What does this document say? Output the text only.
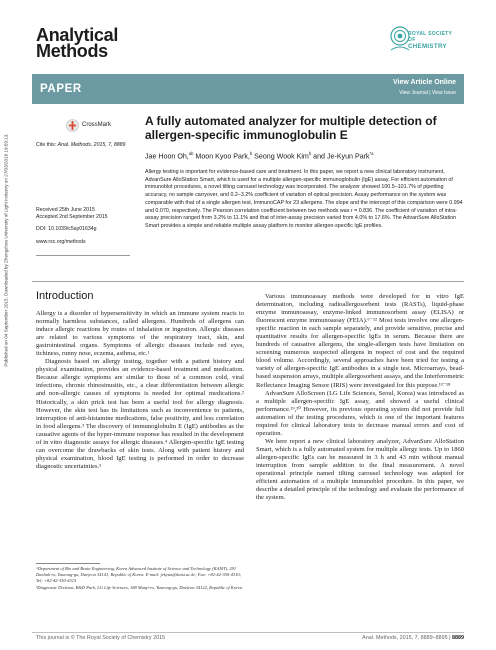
Published on 04 September 2015. Downloaded by Zhengzhou University of Light Industry on 27/03/2016 19:59:13.
Analytical
Methods
ROYAL SOCIETY
OF
CHEMISTRY
PAPER
View Article Online
View Journal | View Issue
CrossMark
Cite this: Anal. Methods, 2015, 7, 8889
Received 25th June 2015
Accepted 2nd September 2015
DOI: 10.1039/c5ay01634g
www.rsc.org/methods
A fully automated analyzer for multiple detection of allergen-specific immunoglobulin E
Jae Hoon Oh,$^{ab}$ Moon Kyoo Park,$^b$ Seong Wook Kim$^b$ and Je-Kyun Park$^{*a}$

Allergy testing is important for evidence-based care and treatment. In this paper, we report a new clinical laboratory instrument, AdvanSure AlloStation Smart, which is used for a multiple allergen-specific immunoglobulin (IgE) assay. For efficient automation of immunoblot procedures, a novel tilting carousel technology was incorporated. The analyzer showed 100.5–101.7% of pipetting accuracy, no sample carryover, and 0.2–3.2% coefficient of variation of optical precision. Assay performance on the system was comparable with that of a single allergen test, ImmunoCAP for 23 allergens. The slope and the intercept of this comparison were 0.994 and 0.070, respectively. The Pearson correlation coefficient between two methods was r = 0.836. The coefficient of variation of intra-assay precision ranged from 3.2% to 11.1% and that of inter-assay precision varied from 4.0% to 17.6%. The AdvanSure AlloStation Smart provides a simple and reliable multiple assay platform to monitor allergen-specific IgE profiles.

Introduction

Allergy is a disorder of hypersensitivity in which an immune system reacts to normally harmless substances, called allergens. Hundreds of allergens can induce allergic reactions by routes of inhalation or ingestion. Allergic diseases are related to various symptoms of the respiratory tract, skin, and gastrointestinal organs. Symptoms of allergic diseases include red eyes, itchiness, runny nose, eczema, asthma, etc.¹

Diagnosis based on allergy testing, together with a patient history and physical examination, provides an evidence-based treatment and medication. Because allergic symptoms are similar to those of a common cold, viral infections, chronic rhinosinusitis, etc., a clear differentiation between allergic and non-allergic causes of symptoms is needed for optimal medications.² Historically, a skin prick test has been a useful tool for allergy diagnosis. However, the skin test has its limitations such as inconvenience to patients, interruption of anti-histamine medications, false positivity, and less correlation in food allergens.³ The discovery of immunoglobulin E (IgE) antibodies as the causative agents of the hyper-immune response has resulted in the development of in vitro diagnostic assays for allergic diseases.⁴ Allergen-specific IgE testing can overcome the drawbacks of skin tests. Along with patient history and physical examination, blood IgE testing is performed in order to decrease diagnostic uncertainties.⁵

Various immunoassay methods were developed for in vitro IgE determination, including radioallergosorbent tests (RASTs), liquid-phase enzyme immunoassay, enzyme-linked immunosorbent assay (ELISA) or fluorescent enzyme immunoassay (FEIA).⁶⁻¹² Most tests involve one allergen-specific reaction in each sample separately, and provide sensitive, precise and quantitative results for allergen-specific IgEs in serum. Because there are hundreds of causative allergens, the single-allergen tests have limitation on screening numerous suspected allergens in respect of cost and the required blood volume. Accordingly, several approaches have been tried for testing a variety of allergen-specific IgE antibodies in a single test. Microarrays, bead-based suspension arrays, multiple allergosorbent assays, and the Interferometric Reflectance Imaging Sensor (IRIS) were investigated for this purpose.¹³⁻¹⁸

AdvanSure AlloScreen (LG Life Sciences, Seoul, Korea) was introduced as a multiple allergen-specific IgE assay, and showed a useful clinical performance.¹⁹,²⁰ However, its previous operating system did not provide full automation of the testing procedures, which is one of the important features required for clinical laboratory tests to decrease manual errors and cost of operation.

We here report a new clinical laboratory analyzer, AdvanSure AlloStation Smart, which is a fully automated system for multiple allergy tests. Up to 1860 allergen-specific IgEs can be measured in 3 h and 43 min without manual interruption from sample addition to the final measurement. A novel operational principle named tilting carousel technology was adapted for efficient automation of a multiple immunoblot procedure. In this paper, we describe a detailed principle of the technology and evaluate the performance of the system.

ᵃDepartment of Bio and Brain Engineering, Korea Advanced Institute of Science and Technology (KAIST), 291 Daehak-ro, Yuseong-gu, Daejeon 34141, Republic of Korea. E-mail: jekyun@kaist.ac.kr; Fax: +82-42-350-4310; Tel: +82-42-350-4315

ᵇDiagnostic Division, R&D Park, LG Life Sciences, 188 Munji-ro, Yuseong-gu, Daejeon 34122, Republic of Korea

This journal is © The Royal Society of Chemistry 2015	Anal. Methods, 2015, 7, 8889–8895 | 8889
